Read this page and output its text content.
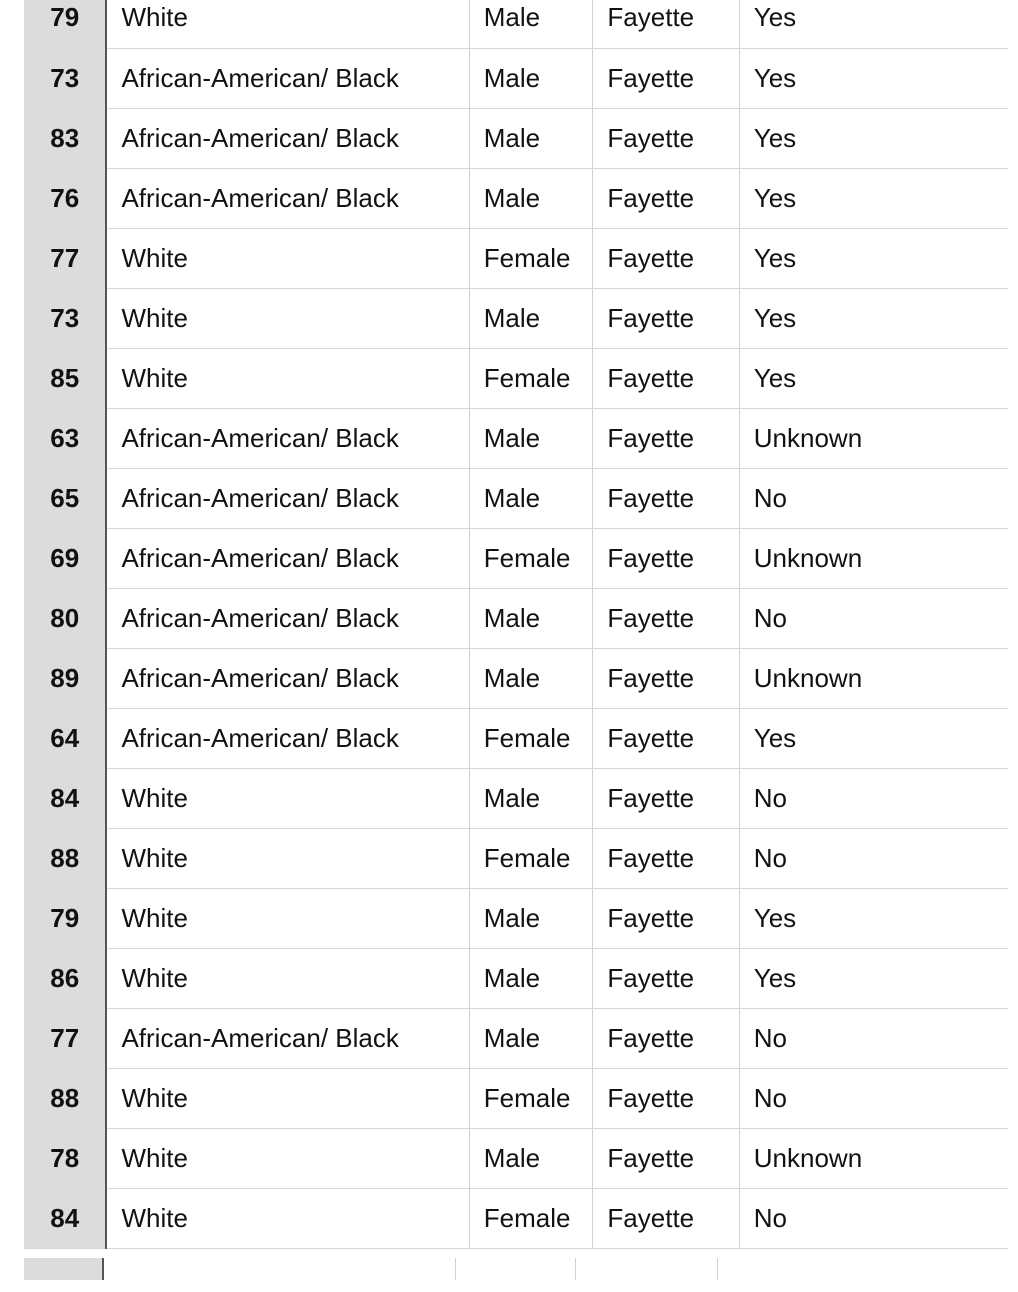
79	White	Male	Fayette	Yes
73	African-American/ Black	Male	Fayette	Yes
83	African-American/ Black	Male	Fayette	Yes
76	African-American/ Black	Male	Fayette	Yes
77	White	Female	Fayette	Yes
73	White	Male	Fayette	Yes
85	White	Female	Fayette	Yes
63	African-American/ Black	Male	Fayette	Unknown
65	African-American/ Black	Male	Fayette	No
69	African-American/ Black	Female	Fayette	Unknown
80	African-American/ Black	Male	Fayette	No
89	African-American/ Black	Male	Fayette	Unknown
64	African-American/ Black	Female	Fayette	Yes
84	White	Male	Fayette	No
88	White	Female	Fayette	No
79	White	Male	Fayette	Yes
86	White	Male	Fayette	Yes
77	African-American/ Black	Male	Fayette	No
88	White	Female	Fayette	No
78	White	Male	Fayette	Unknown
84	White	Female	Fayette	No
